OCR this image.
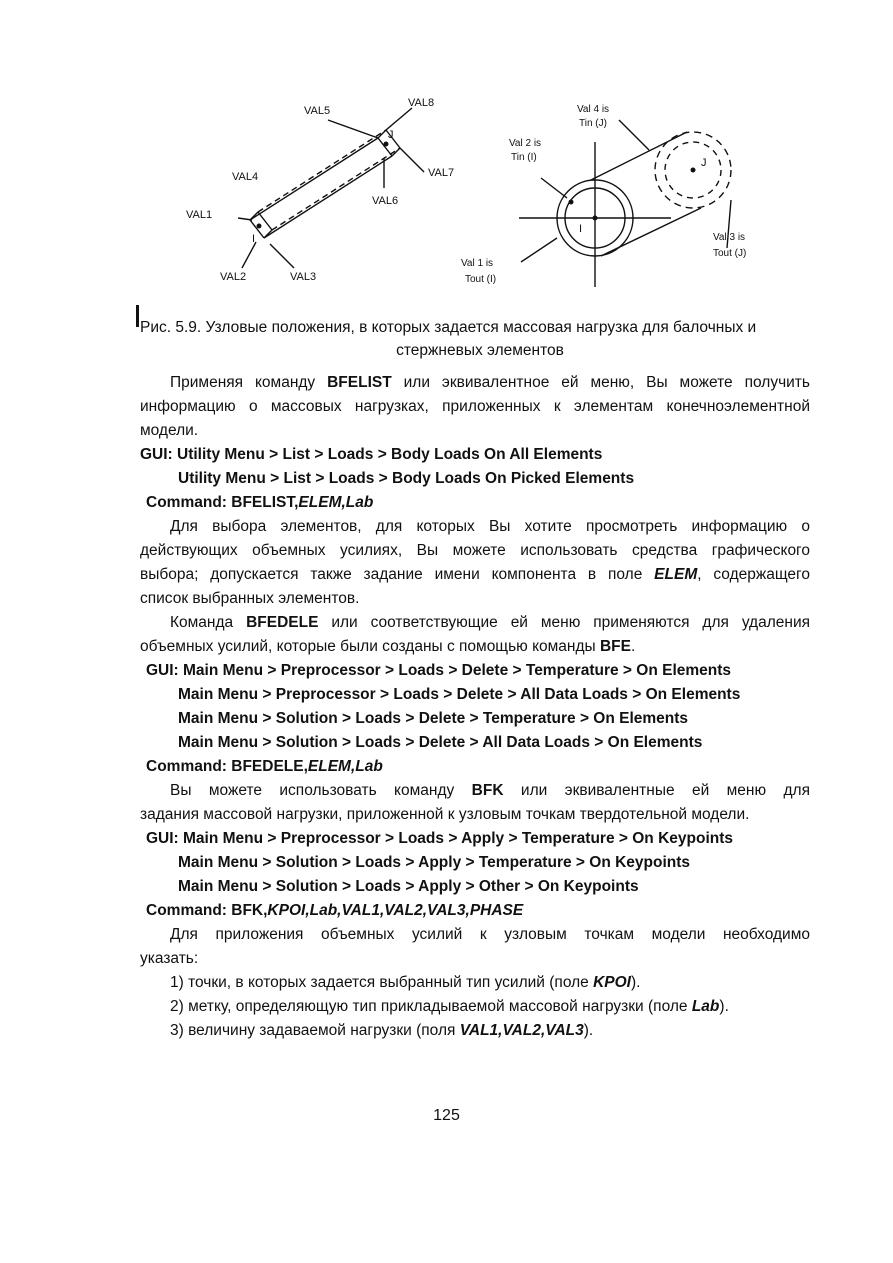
VAL5
VAL8
J
VAL4	VAL7
VAL6
VAL1
I
VAL2	VAL3
Val 4 is
Tin (J)
Val 2 is
Tin (I)
Val 1 is
Tout (I)
Val 3 is
Tout (J)
I
J
Рис. 5.9. Узловые положения, в которых задается массовая нагрузка для балочных и
стержневых элементов
Применяя команду BFELIST или эквивалентное ей меню, Вы можете получить
информацию о массовых нагрузках, приложенных к элементам конечноэлементной
модели.
GUI: Utility Menu > List > Loads > Body Loads On All Elements
Utility Menu > List > Loads > Body Loads On Picked Elements
Command: BFELIST,ELEM,Lab
Для выбора элементов, для которых Вы хотите просмотреть информацию о
действующих объемных усилиях, Вы можете использовать средства графического
выбора; допускается также задание имени компонента в поле ELEM, содержащего
список выбранных элементов.
Команда BFEDELE или соответствующие ей меню применяются для удаления
объемных усилий, которые были созданы с помощью команды BFE.
GUI: Main Menu > Preprocessor > Loads > Delete > Temperature > On Elements
Main Menu > Preprocessor > Loads > Delete > All Data Loads > On Elements
Main Menu > Solution > Loads > Delete > Temperature > On Elements
Main Menu > Solution > Loads > Delete > All Data Loads > On Elements
Command: BFEDELE,ELEM,Lab
Вы можете использовать команду BFK или эквивалентные ей меню для
задания массовой нагрузки, приложенной к узловым точкам твердотельной модели.
GUI: Main Menu > Preprocessor > Loads > Apply > Temperature > On Keypoints
Main Menu > Solution > Loads > Apply > Temperature > On Keypoints
Main Menu > Solution > Loads > Apply > Other > On Keypoints
Command: BFK,KPOI,Lab,VAL1,VAL2,VAL3,PHASE
Для приложения объемных усилий к узловым точкам модели необходимо
указать:
1) точки, в которых задается выбранный тип усилий (поле KPOI).
2) метку, определяющую тип прикладываемой массовой нагрузки (поле Lab).
3) величину задаваемой нагрузки (поля VAL1,VAL2,VAL3).
125
